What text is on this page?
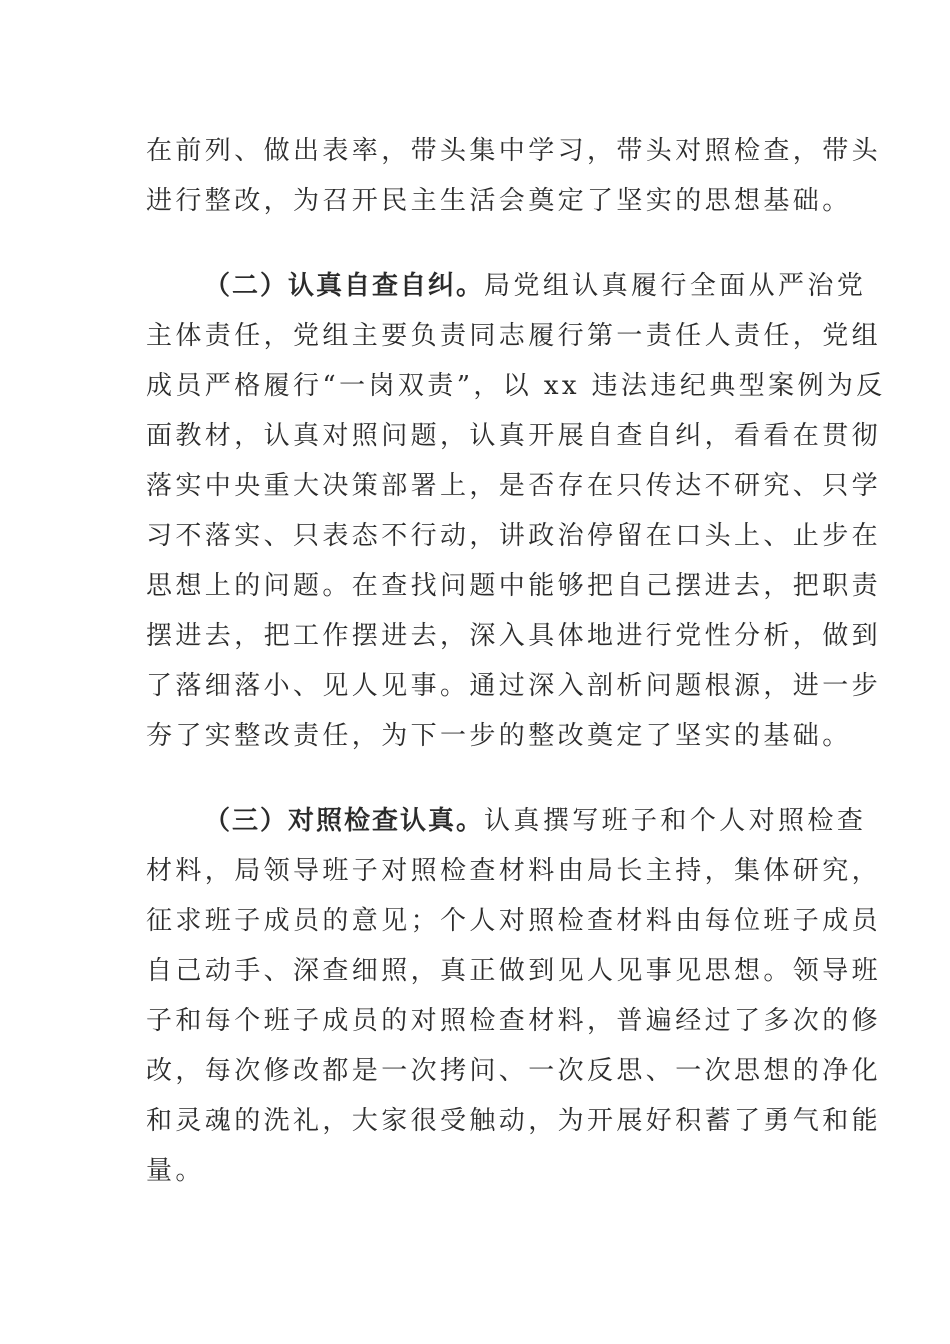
在前列、做出表率，带头集中学习，带头对照检查，带头
进行整改，为召开民主生活会奠定了坚实的思想基础。
（二）认真自查自纠。局党组认真履行全面从严治党
主体责任，党组主要负责同志履行第一责任人责任，党组
成员严格履行“一岗双责”，以 xx 违法违纪典型案例为反
面教材，认真对照问题，认真开展自查自纠，看看在贯彻
落实中央重大决策部署上，是否存在只传达不研究、只学
习不落实、只表态不行动，讲政治停留在口头上、止步在
思想上的问题。在查找问题中能够把自己摆进去，把职责
摆进去，把工作摆进去，深入具体地进行党性分析，做到
了落细落小、见人见事。通过深入剖析问题根源，进一步
夯了实整改责任，为下一步的整改奠定了坚实的基础。
（三）对照检查认真。认真撰写班子和个人对照检查
材料，局领导班子对照检查材料由局长主持，集体研究，
征求班子成员的意见；个人对照检查材料由每位班子成员
自己动手、深查细照，真正做到见人见事见思想。领导班
子和每个班子成员的对照检查材料，普遍经过了多次的修
改，每次修改都是一次拷问、一次反思、一次思想的净化
和灵魂的洗礼，大家很受触动，为开展好积蓄了勇气和能
量。
